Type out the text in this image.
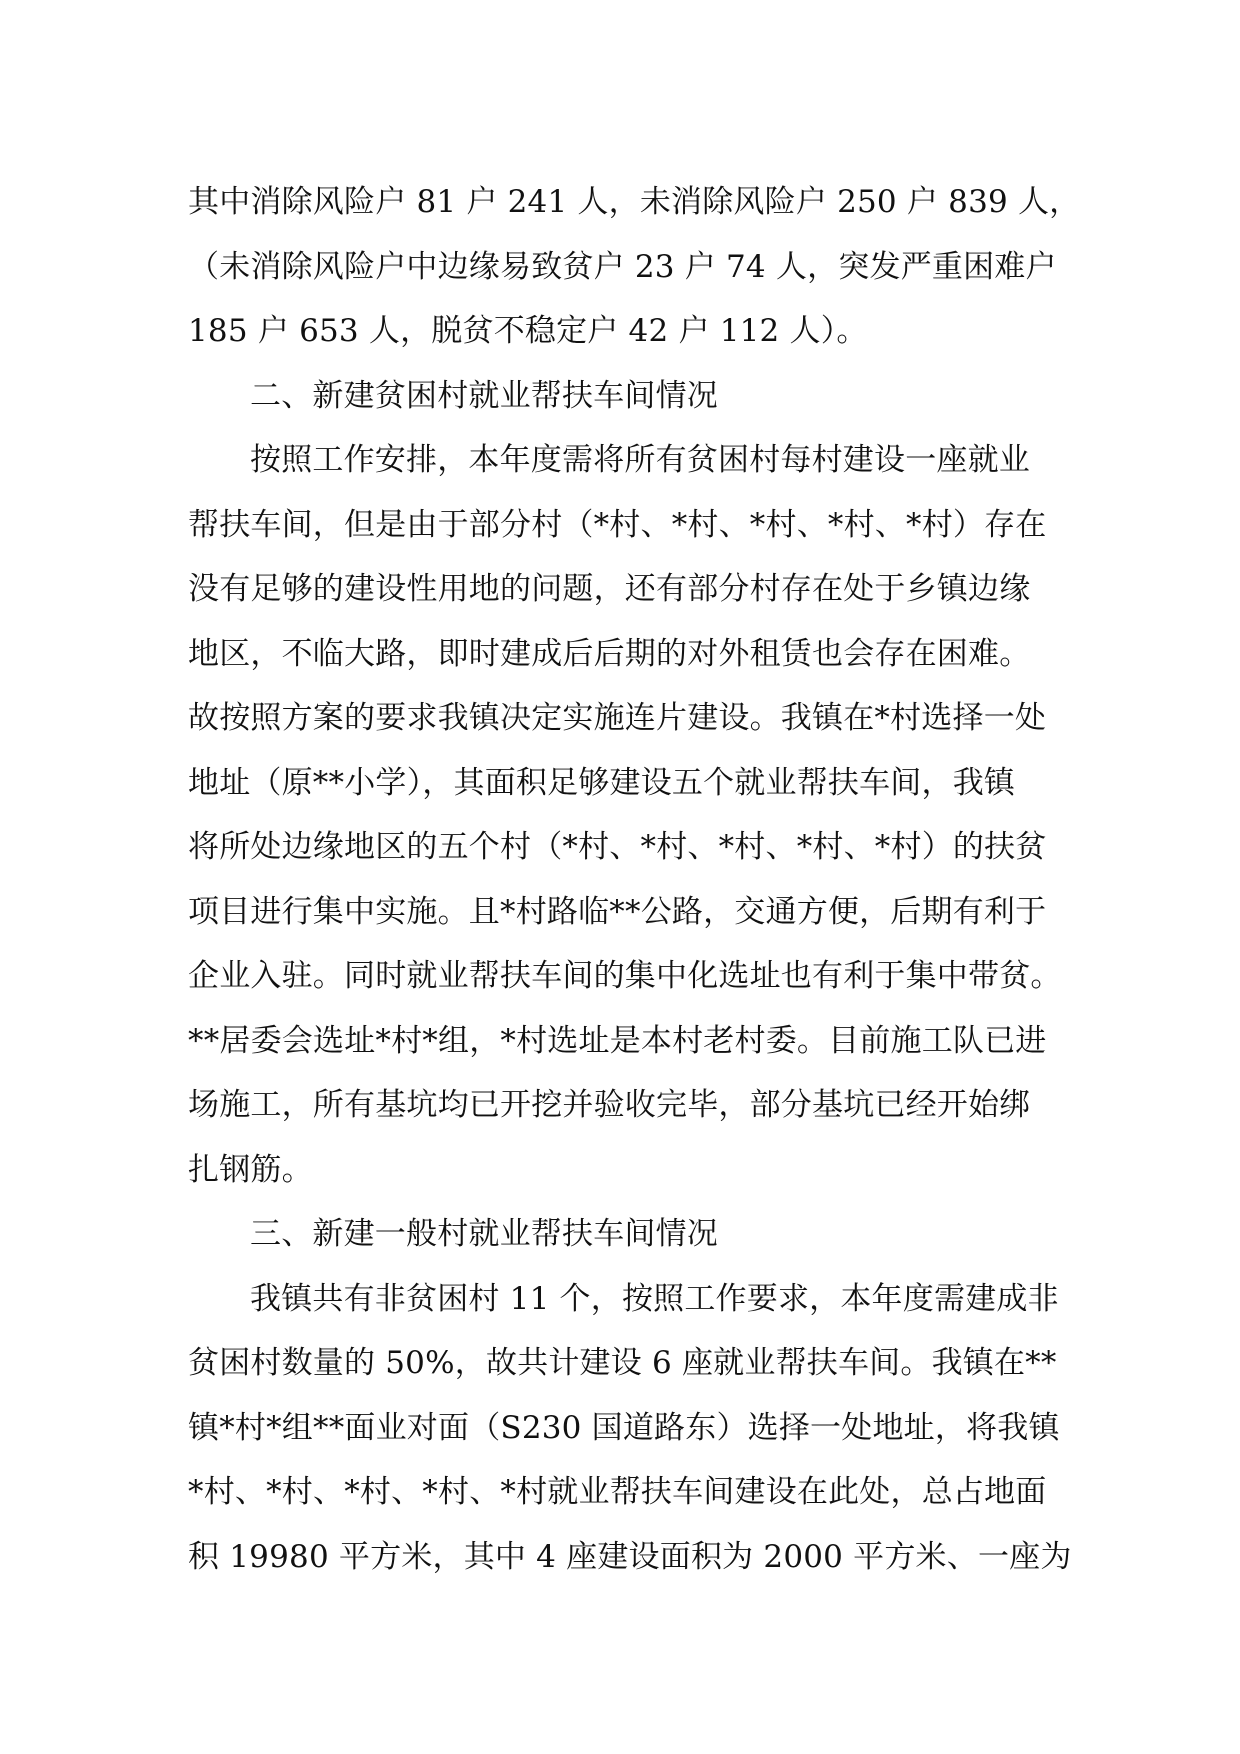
其中消除风险户 81 户 241 人，未消除风险户 250 户 839 人，
（未消除风险户中边缘易致贫户 23 户 74 人，突发严重困难户
185 户 653 人，脱贫不稳定户 42 户 112 人）。
二、新建贫困村就业帮扶车间情况
按照工作安排，本年度需将所有贫困村每村建设一座就业
帮扶车间，但是由于部分村（*村、*村、*村、*村、*村）存在
没有足够的建设性用地的问题，还有部分村存在处于乡镇边缘
地区，不临大路，即时建成后后期的对外租赁也会存在困难。
故按照方案的要求我镇决定实施连片建设。我镇在*村选择一处
地址（原**小学），其面积足够建设五个就业帮扶车间，我镇
将所处边缘地区的五个村（*村、*村、*村、*村、*村）的扶贫
项目进行集中实施。且*村路临**公路，交通方便，后期有利于
企业入驻。同时就业帮扶车间的集中化选址也有利于集中带贫。
**居委会选址*村*组，*村选址是本村老村委。目前施工队已进
场施工，所有基坑均已开挖并验收完毕，部分基坑已经开始绑
扎钢筋。
三、新建一般村就业帮扶车间情况
我镇共有非贫困村 11 个，按照工作要求，本年度需建成非
贫困村数量的 50%，故共计建设 6 座就业帮扶车间。我镇在**
镇*村*组**面业对面（S230 国道路东）选择一处地址，将我镇
*村、*村、*村、*村、*村就业帮扶车间建设在此处，总占地面
积 19980 平方米，其中 4 座建设面积为 2000 平方米、一座为
